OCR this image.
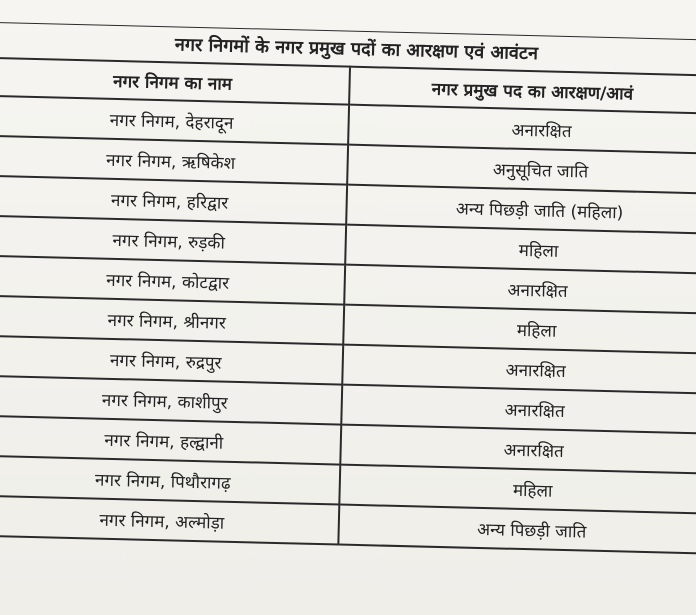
नगर निगमों के नगर प्रमुख पदों का आरक्षण एवं आवंटन	
नगर निगम का नाम	नगर प्रमुख पद का आरक्षण/आवं
नगर निगम, देहरादून	अनारक्षित
नगर निगम, ऋषिकेश	अनुसूचित जाति
नगर निगम, हरिद्वार	अन्य पिछड़ी जाति (महिला)
नगर निगम, रुड़की	महिला
नगर निगम, कोटद्वार	अनारक्षित
नगर निगम, श्रीनगर	महिला
नगर निगम, रुद्रपुर	अनारक्षित
नगर निगम, काशीपुर	अनारक्षित
नगर निगम, हल्द्वानी	अनारक्षित
नगर निगम, पिथौरागढ़	महिला
नगर निगम, अल्मोड़ा	अन्य पिछड़ी जाति
